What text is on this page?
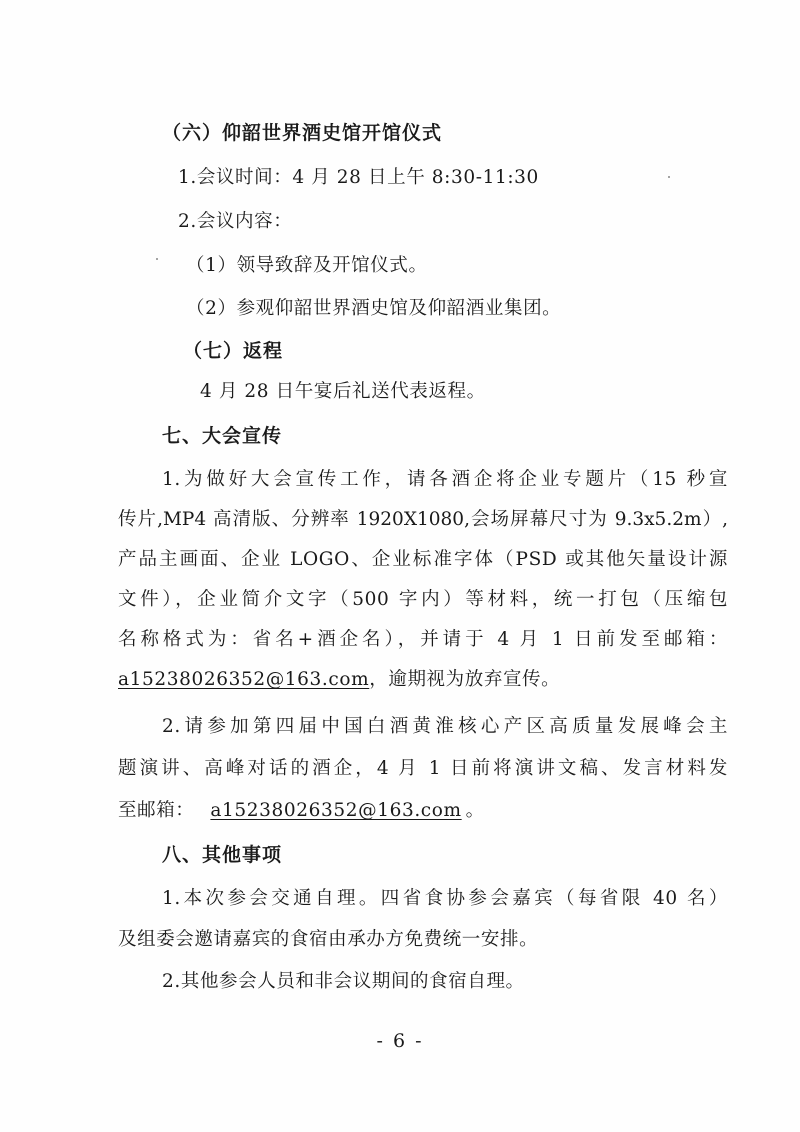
（六）仰韶世界酒史馆开馆仪式
1.会议时间：4 月 28 日上午 8:30-11:30
2.会议内容：
（1）领导致辞及开馆仪式。
（2）参观仰韶世界酒史馆及仰韶酒业集团。
（七）返程
4 月 28 日午宴后礼送代表返程。
七、大会宣传
1.为做好大会宣传工作，请各酒企将企业专题片（15 秒宣
传片,MP4 高清版、分辨率 1920X1080,会场屏幕尺寸为 9.3x5.2m）,
产品主画面、企业 LOGO、企业标准字体（PSD 或其他矢量设计源
文件），企业简介文字（500 字内）等材料，统一打包（压缩包
名称格式为：省名+酒企名），并请于 4 月 1 日前发至邮箱：
a15238026352@163.com，逾期视为放弃宣传。
2.请参加第四届中国白酒黄淮核心产区高质量发展峰会主
题演讲、高峰对话的酒企，4 月 1 日前将演讲文稿、发言材料发
至邮箱： a15238026352@163.com 。
八、其他事项
1.本次参会交通自理。四省食协参会嘉宾（每省限 40 名）
及组委会邀请嘉宾的食宿由承办方免费统一安排。
- 6 -
2.其他参会人员和非会议期间的食宿自理。
